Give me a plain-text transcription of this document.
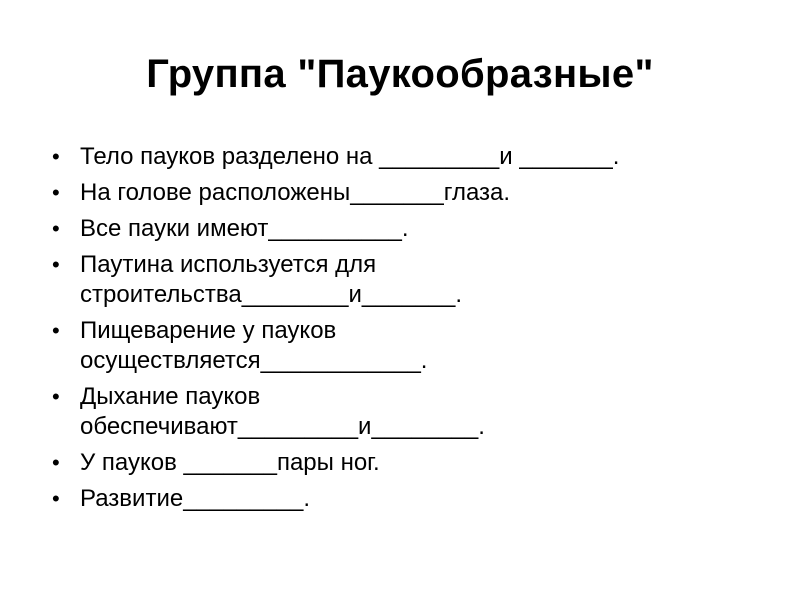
Группа "Паукообразные"
• Тело пауков разделено на _________и _______.
• На голове расположены_______глаза.
• Все пауки имеют__________.
• Паутина используется для
строительства________и_______.
• Пищеварение у пауков
осуществляется____________.
• Дыхание пауков
обеспечивают_________и________.
• У пауков _______пары ног.
• Развитие_________.
